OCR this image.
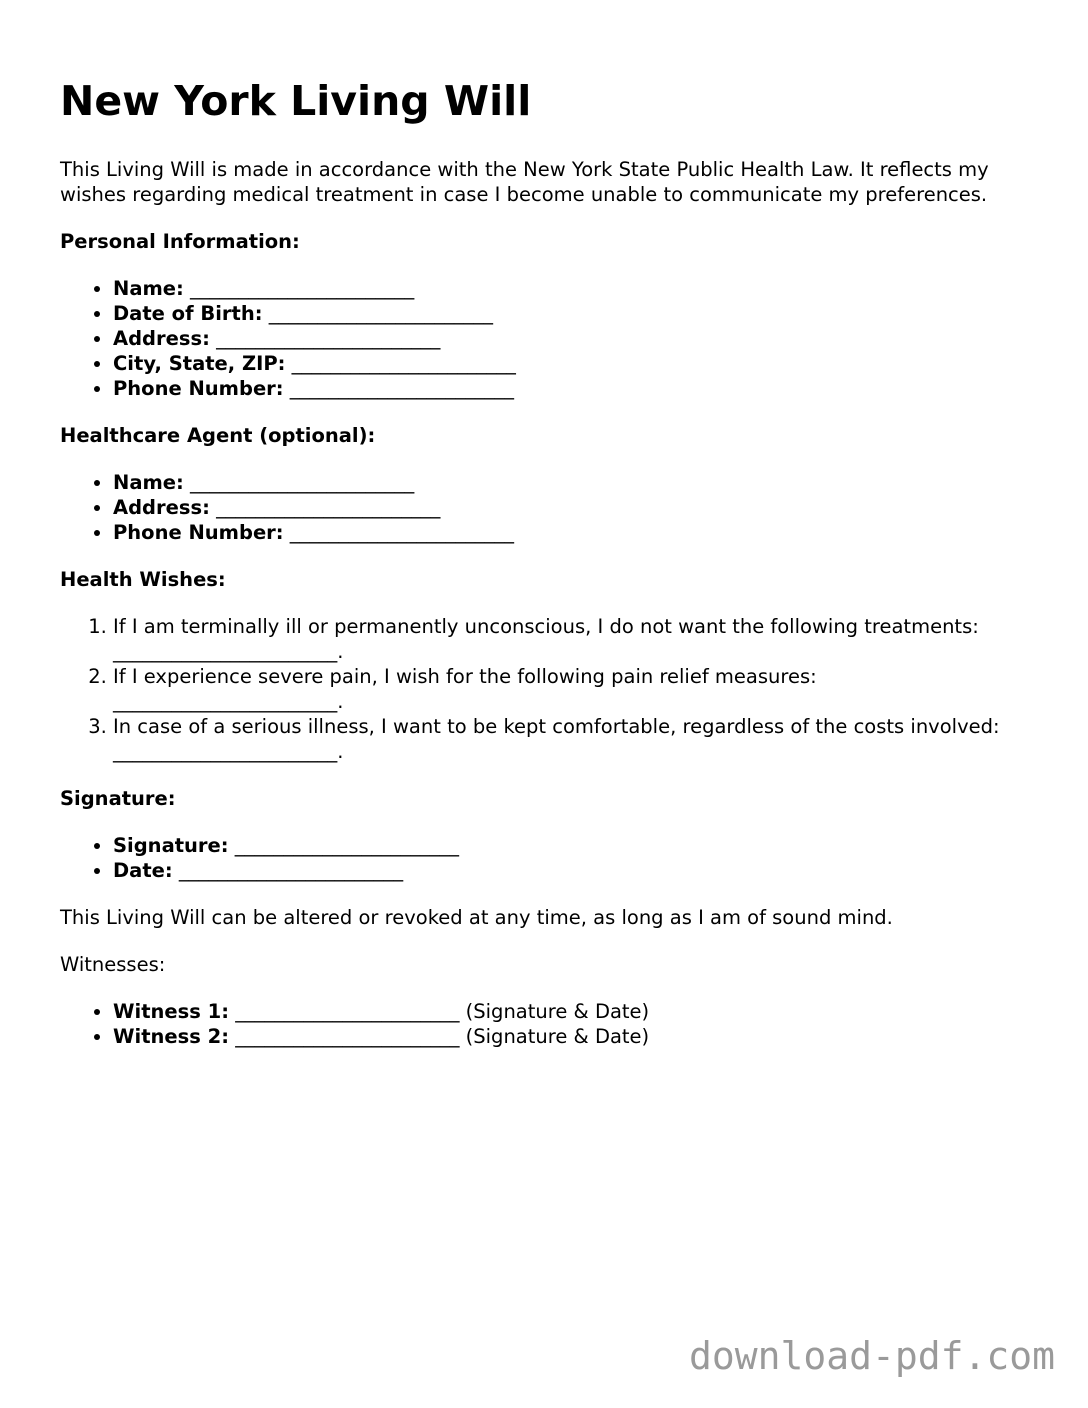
New York Living Will

This Living Will is made in accordance with the New York State Public Health Law. It reflects my wishes regarding medical treatment in case I become unable to communicate my preferences.

Personal Information:
• Name: _______________________
• Date of Birth: _______________________
• Address: _______________________
• City, State, ZIP: _______________________
• Phone Number: _______________________
Healthcare Agent (optional):
• Name: _______________________
• Address: _______________________
• Phone Number: _______________________
Health Wishes:
1. If I am terminally ill or permanently unconscious, I do not want the following treatments: _______________________.
2. If I experience severe pain, I wish for the following pain relief measures: _______________________.
3. In case of a serious illness, I want to be kept comfortable, regardless of the costs involved: _______________________.
Signature:
• Signature: _______________________
• Date: _______________________

This Living Will can be altered or revoked at any time, as long as I am of sound mind.

Witnesses:

• Witness 1: _______________________ (Signature & Date)
• Witness 2: _______________________ (Signature & Date)
download-pdf.com
